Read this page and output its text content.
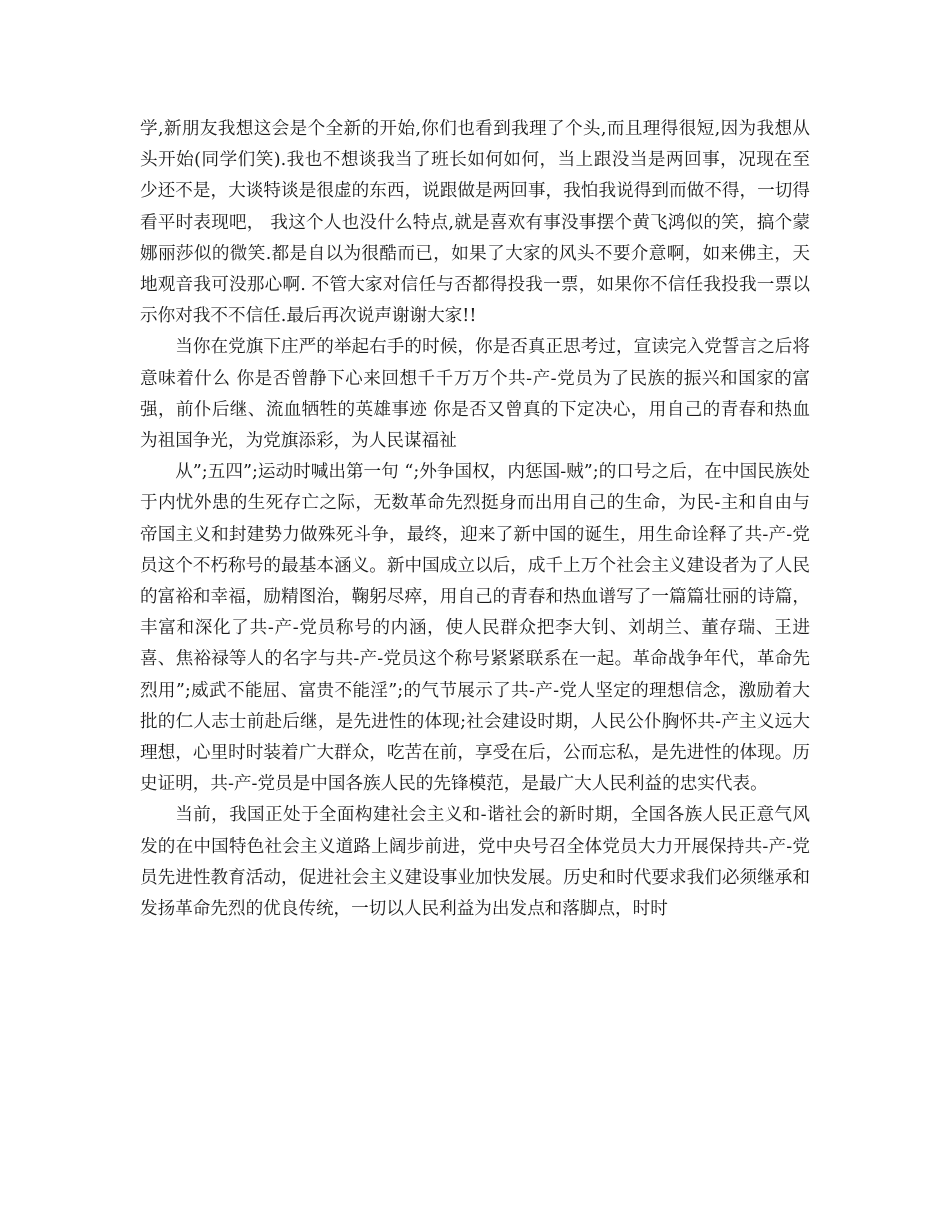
学,新朋友我想这会是个全新的开始,你们也看到我理了个头,而且理得很短,因为我想从头开始(同学们笑).我也不想谈我当了班长如何如何，当上跟没当是两回事，况现在至少还不是，大谈特谈是很虚的东西，说跟做是两回事，我怕我说得到而做不得，一切得看平时表现吧， 我这个人也没什么特点,就是喜欢有事没事摆个黄飞鸿似的笑，搞个蒙娜丽莎似的微笑.都是自以为很酷而已，如果了大家的风头不要介意啊，如来佛主，天地观音我可没那心啊. 不管大家对信任与否都得投我一票，如果你不信任我投我一票以示你对我不不信任.最后再次说声谢谢大家!!

当你在党旗下庄严的举起右手的时候，你是否真正思考过，宣读完入党誓言之后将意味着什么 你是否曾静下心来回想千千万万个共-产-党员为了民族的振兴和国家的富强，前仆后继、流血牺牲的英雄事迹 你是否又曾真的下定决心，用自己的青春和热血为祖国争光，为党旗添彩，为人民谋福祉

从”;五四”;运动时喊出第一句 “;外争国权，内惩国-贼”;的口号之后，在中国民族处于内忧外患的生死存亡之际，无数革命先烈挺身而出用自己的生命，为民-主和自由与帝国主义和封建势力做殊死斗争，最终，迎来了新中国的诞生，用生命诠释了共-产-党员这个不朽称号的最基本涵义。新中国成立以后，成千上万个社会主义建设者为了人民的富裕和幸福，励精图治，鞠躬尽瘁，用自己的青春和热血谱写了一篇篇壮丽的诗篇，丰富和深化了共-产-党员称号的内涵，使人民群众把李大钊、刘胡兰、董存瑞、王进喜、焦裕禄等人的名字与共-产-党员这个称号紧紧联系在一起。革命战争年代，革命先烈用”;威武不能屈、富贵不能淫”;的气节展示了共-产-党人坚定的理想信念，激励着大批的仁人志士前赴后继，是先进性的体现;社会建设时期，人民公仆胸怀共-产主义远大理想，心里时时装着广大群众，吃苦在前，享受在后，公而忘私，是先进性的体现。历史证明，共-产-党员是中国各族人民的先锋模范，是最广大人民利益的忠实代表。

当前，我国正处于全面构建社会主义和-谐社会的新时期，全国各族人民正意气风发的在中国特色社会主义道路上阔步前进，党中央号召全体党员大力开展保持共-产-党员先进性教育活动，促进社会主义建设事业加快发展。历史和时代要求我们必须继承和发扬革命先烈的优良传统，一切以人民利益为出发点和落脚点，时时
